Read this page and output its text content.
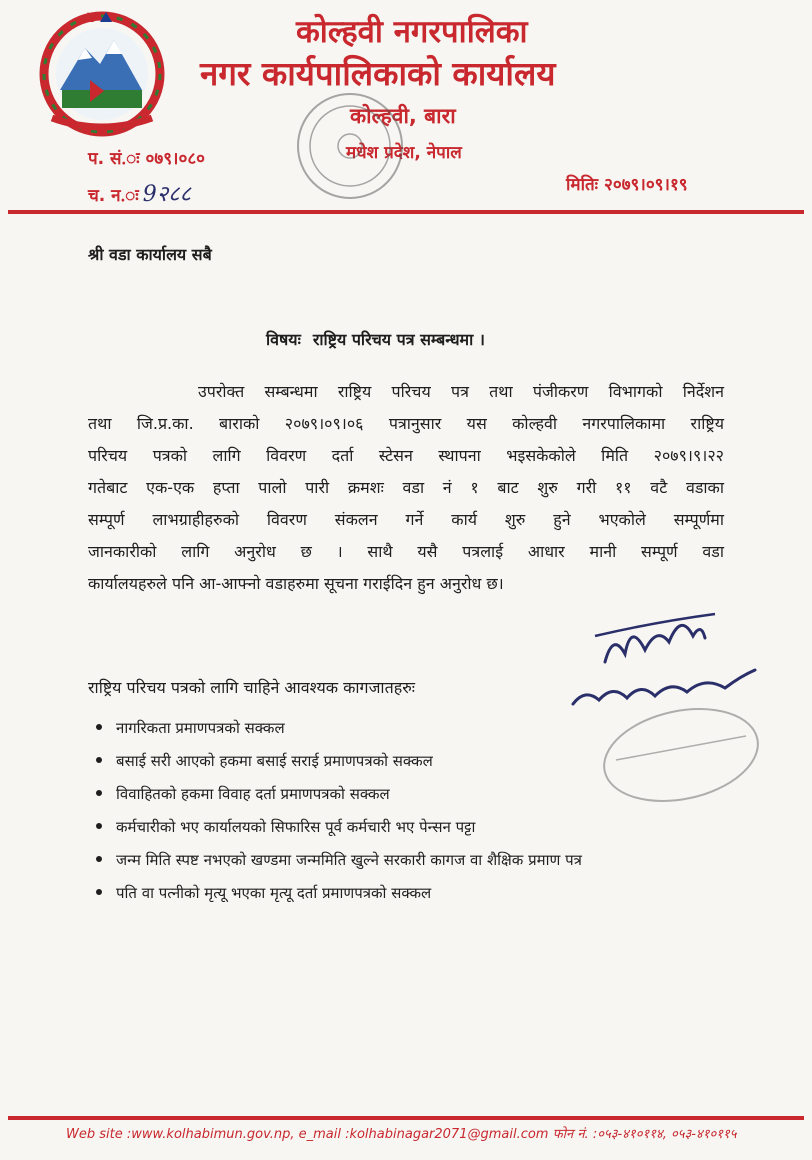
कोल्हवी नगरपालिका
नगर कार्यपालिकाको कार्यालय
कोल्हवी, बारा
मधेश प्रदेश, नेपाल
प. सं.ः ०७९।०८०
च. न.ः 9२८८	मितिः २०७९।०९।१९
श्री वडा कार्यालय सबै
विषयः राष्ट्रिय परिचय पत्र सम्बन्धमा ।
उपरोक्त सम्बन्धमा राष्ट्रिय परिचय पत्र तथा पंजीकरण विभागको निर्देशन
तथा जि.प्र.का. बाराको २०७९।०९।०६ पत्रानुसार यस कोल्हवी नगरपालिकामा राष्ट्रिय
परिचय पत्रको लागि विवरण दर्ता स्टेसन स्थापना भइसकेकोले मिति २०७९।९।२२
गतेबाट एक-एक हप्ता पालो पारी क्रमशः वडा नं १ बाट शुरु गरी ११ वटै वडाका
सम्पूर्ण लाभग्राहीहरुको विवरण संकलन गर्ने कार्य शुरु हुने भएकोले सम्पूर्णमा
जानकारीको लागि अनुरोध छ । साथै यसै पत्रलाई आधार मानी सम्पूर्ण वडा
कार्यालयहरुले पनि आ-आफ्नो वडाहरुमा सूचना गराईदिन हुन अनुरोध छ।
राष्ट्रिय परिचय पत्रको लागि चाहिने आवश्यक कागजातहरुः
नागरिकता प्रमाणपत्रको सक्कल
बसाई सरी आएको हकमा बसाई सराई प्रमाणपत्रको सक्कल
विवाहितको हकमा विवाह दर्ता प्रमाणपत्रको सक्कल
कर्मचारीको भए कार्यालयको सिफारिस पूर्व कर्मचारी भए पेन्सन पट्टा
जन्म मिति स्पष्ट नभएको खण्डमा जन्ममिति खुल्ने सरकारी कागज वा शैक्षिक प्रमाण पत्र
पति वा पत्नीको मृत्यू भएका मृत्यू दर्ता प्रमाणपत्रको सक्कल
Web site :www.kolhabimun.gov.np, e_mail :kolhabinagar2071@gmail.com फोन नं. :०५३-४१०११४, ०५३-४१०११५
